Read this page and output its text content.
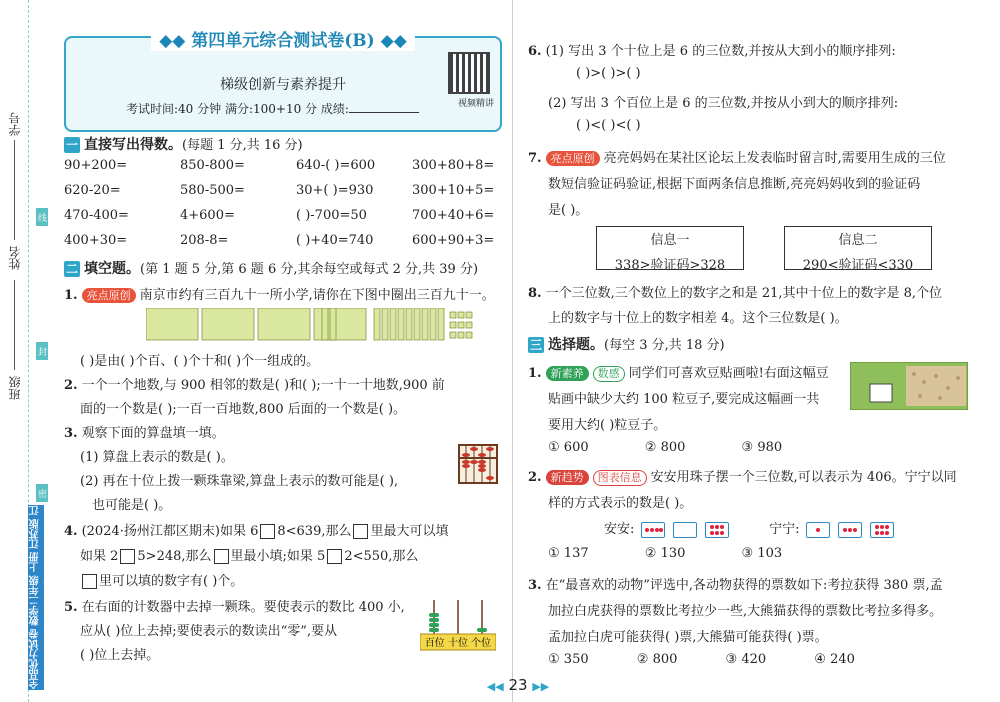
学号
姓名
班级
线
封
密
全品优力试卷 数学二年级 上册 江苏版 江苏专版
◆◆ 第四单元综合测试卷(B) ◆◆
梯级创新与素养提升
考试时间:40 分钟 满分:100+10 分 成绩:	视频精讲
一 直接写出得数。(每题 1 分,共 16 分)
90+200=	850-800=	640-( )=600	300+80+8=
620-20=	580-500=	30+( )=930	300+10+5=
470-400=	4+600=	( )-700=50	700+40+6=
400+30=	208-8=	( )+40=740	600+90+3=
二 填空题。(第 1 题 5 分,第 6 题 6 分,其余每空或每式 2 分,共 39 分)
1. 亮点原创 南京市约有三百九十一所小学,请你在下图中圈出三百九十一。
( )是由( )个百、( )个十和( )个一组成的。
2. 一个一个地数,与 900 相邻的数是( )和( );一十一十地数,900 前
面的一个数是( );一百一百地数,800 后面的一个数是( )。
3. 观察下面的算盘填一填。
(1) 算盘上表示的数是( )。
(2) 再在十位上拨一颗珠靠梁,算盘上表示的数可能是( ),
也可能是( )。
4. (2024·扬州江都区期末)如果 6 8<639,那么 里最大可以填
如果 2 5>248,那么 里最小填;如果 5 2<550,那么
里可以填的数字有( )个。
5. 在右面的计数器中去掉一颗珠。要使表示的数比 400 小,
应从( )位上去掉;要使表示的数读出“零”,要从
( )位上去掉。
百位 十位 个位
6. (1) 写出 3 个十位上是 6 的三位数,并按从大到小的顺序排列:
( )>( )>( )
(2) 写出 3 个百位上是 6 的三位数,并按从小到大的顺序排列:
( )<( )<( )
7. 亮点原创 亮亮妈妈在某社区论坛上发表临时留言时,需要用生成的三位
数短信验证码验证,根据下面两条信息推断,亮亮妈妈收到的验证码
是( )。
信息一
338>验证码>328
信息二
290<验证码<330
8. 一个三位数,三个数位上的数字之和是 21,其中十位上的数字是 8,个位
上的数字与十位上的数字相差 4。这个三位数是( )。
三 选择题。(每空 3 分,共 18 分)
1. 新素养 数感 同学们可喜欢豆贴画啦!右面这幅豆
贴画中缺少大约 100 粒豆子,要完成这幅画一共
要用大约( )粒豆子。
① 600	② 800	③ 980
2. 新趋势 图表信息 安安用珠子摆一个三位数,可以表示为 406。宁宁以同
样的方式表示的数是( )。
安安:
	宁宁:

① 137	② 130	③ 103
3. 在“最喜欢的动物”评选中,各动物获得的票数如下:考拉获得 380 票,孟
加拉白虎获得的票数比考拉少一些,大熊猫获得的票数比考拉多得多。
孟加拉白虎可能获得( )票,大熊猫可能获得( )票。
① 350	② 800	③ 420	④ 240
◀◀ 23 ▶▶
